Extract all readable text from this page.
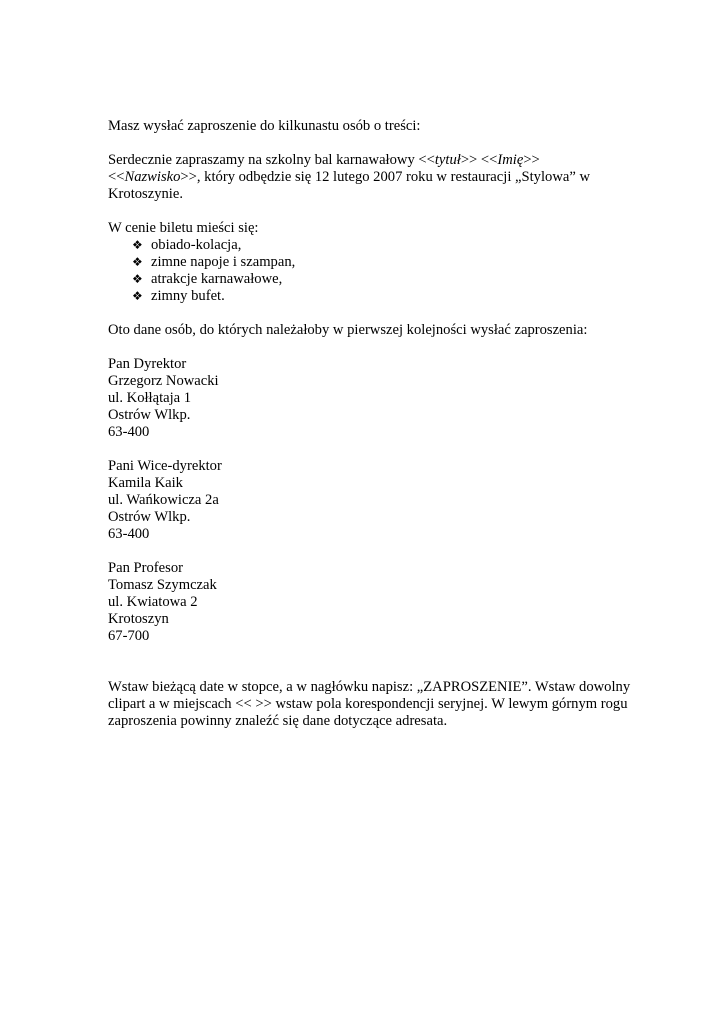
Masz wysłać zaproszenie do kilkunastu osób o treści:

Serdecznie zapraszamy na szkolny bal karnawałowy <<tytuł>> <<Imię>>
<<Nazwisko>>, który odbędzie się 12 lutego 2007 roku w restauracji „Stylowa” w Krotoszynie.

W cenie biletu mieści się:

❖ obiado-kolacja,
❖ zimne napoje i szampan,
❖ atrakcje karnawałowe,
❖ zimny bufet.

Oto dane osób, do których należałoby w pierwszej kolejności wysłać zaproszenia:

Pan Dyrektor

Grzegorz Nowacki

ul. Kołłątaja 1

Ostrów Wlkp.

63-400

Pani Wice-dyrektor

Kamila Kaik

ul. Wańkowicza 2a

Ostrów Wlkp.

63-400

Pan Profesor

Tomasz Szymczak

ul. Kwiatowa 2

Krotoszyn

67-700

Wstaw bieżącą date w stopce, a w nagłówku napisz: „ZAPROSZENIE”. Wstaw dowolny clipart a w miejscach << >> wstaw pola korespondencji seryjnej. W lewym górnym rogu zaproszenia powinny znaleźć się dane dotyczące adresata.
